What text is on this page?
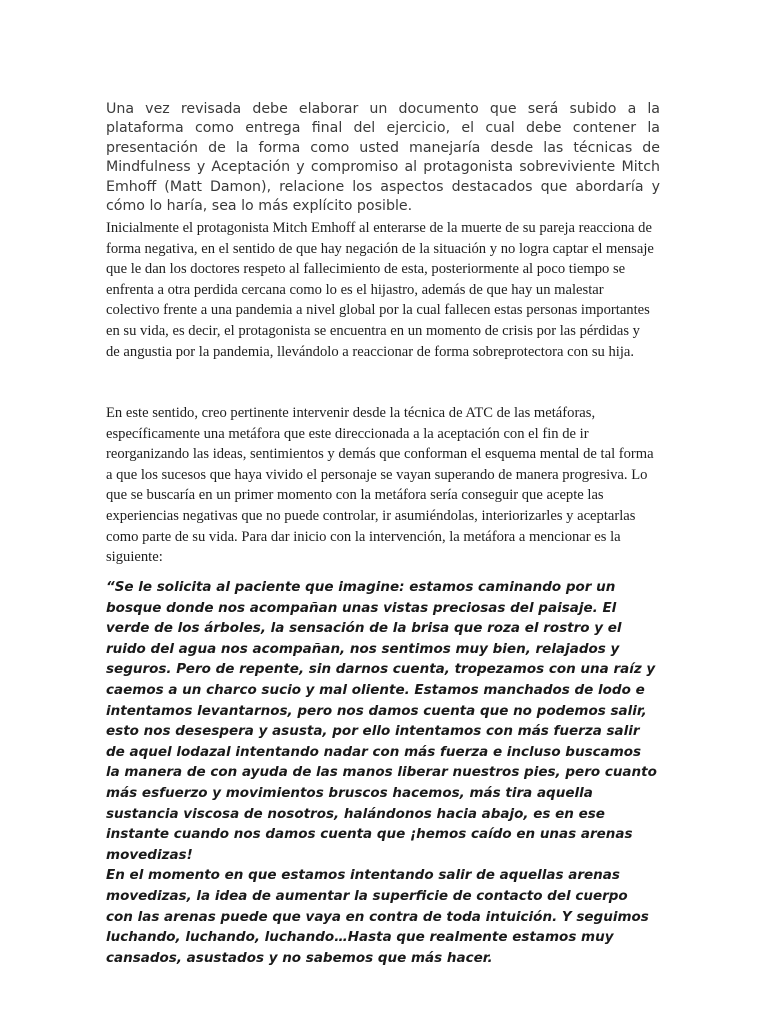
Una vez revisada debe elaborar un documento que será subido a la plataforma como entrega final del ejercicio, el cual debe contener la presentación de la forma como usted manejaría desde las técnicas de Mindfulness y Aceptación y compromiso al protagonista sobreviviente Mitch Emhoff (Matt Damon), relacione los aspectos destacados que abordaría y cómo lo haría, sea lo más explícito posible.

Inicialmente el protagonista Mitch Emhoff al enterarse de la muerte de su pareja reacciona de forma negativa, en el sentido de que hay negación de la situación y no logra captar el mensaje que le dan los doctores respeto al fallecimiento de esta, posteriormente al poco tiempo se enfrenta a otra perdida cercana como lo es el hijastro, además de que hay un malestar colectivo frente a una pandemia a nivel global por la cual fallecen estas personas importantes en su vida, es decir, el protagonista se encuentra en un momento de crisis por las pérdidas y de angustia por la pandemia, llevándolo a reaccionar de forma sobreprotectora con su hija.

En este sentido, creo pertinente intervenir desde la técnica de ATC de las metáforas, específicamente una metáfora que este direccionada a la aceptación con el fin de ir reorganizando las ideas, sentimientos y demás que conforman el esquema mental de tal forma a que los sucesos que haya vivido el personaje se vayan superando de manera progresiva. Lo que se buscaría en un primer momento con la metáfora sería conseguir que acepte las experiencias negativas que no puede controlar, ir asumiéndolas, interiorizarles y aceptarlas como parte de su vida. Para dar inicio con la intervención, la metáfora a mencionar es la siguiente:

“Se le solicita al paciente que imagine: estamos caminando por un bosque donde nos acompañan unas vistas preciosas del paisaje. El verde de los árboles, la sensación de la brisa que roza el rostro y el ruido del agua nos acompañan, nos sentimos muy bien, relajados y seguros. Pero de repente, sin darnos cuenta, tropezamos con una raíz y caemos a un charco sucio y mal oliente. Estamos manchados de lodo e intentamos levantarnos, pero nos damos cuenta que no podemos salir, esto nos desespera y asusta, por ello intentamos con más fuerza salir de aquel lodazal intentando nadar con más fuerza e incluso buscamos la manera de con ayuda de las manos liberar nuestros pies, pero cuanto más esfuerzo y movimientos bruscos hacemos, más tira aquella sustancia viscosa de nosotros, halándonos hacia abajo, es en ese instante cuando nos damos cuenta que ¡hemos caído en unas arenas movedizas!
En el momento en que estamos intentando salir de aquellas arenas movedizas, la idea de aumentar la superficie de contacto del cuerpo con las arenas puede que vaya en contra de toda intuición. Y seguimos luchando, luchando, luchando…Hasta que realmente estamos muy cansados, asustados y no sabemos que más hacer.
